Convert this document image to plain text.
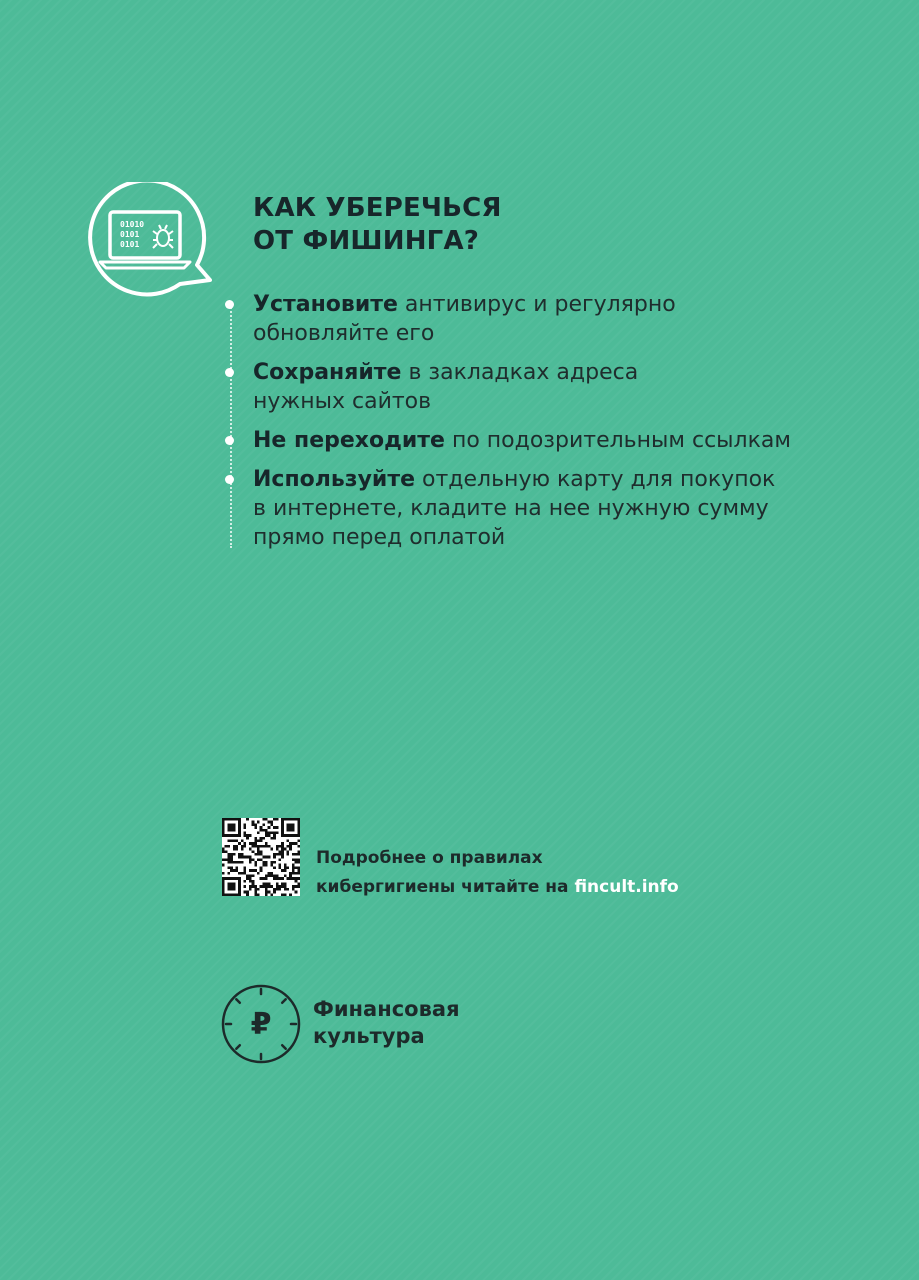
01010
0101
0101
КАК УБЕРЕЧЬСЯ
ОТ ФИШИНГА?
Установите антивирус и регулярно
обновляйте его
Сохраняйте в закладках адреса
нужных сайтов
Не переходите по подозрительным ссылкам
Используйте отдельную карту для покупок
в интернете, кладите на нее нужную сумму
прямо перед оплатой

Подробнее о правилах
кибергигиены читайте на fincult.info

₽ Финансовая
культура
